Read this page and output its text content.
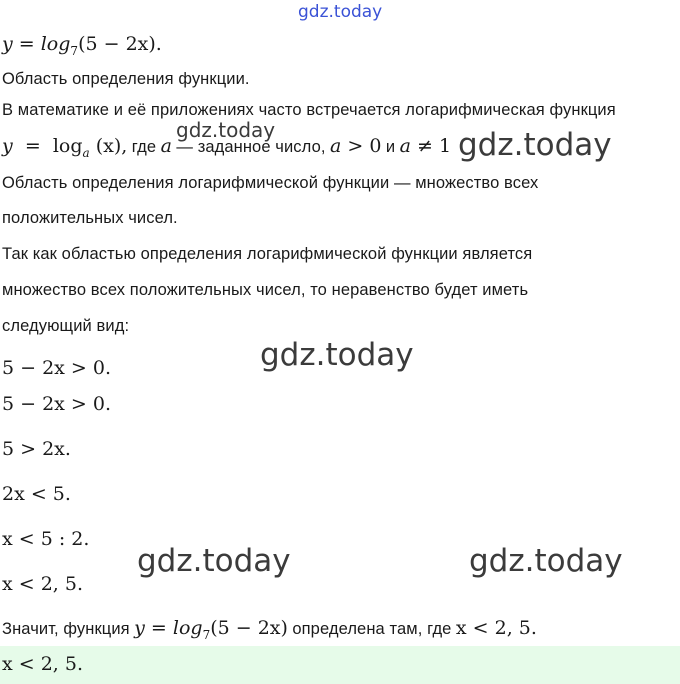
gdz.today
gdz.today	gdz.today
gdz.today
gdz.today	gdz.today
$y = \log_7(5 - 2x)$.
Область определения функции.
В математике и её приложениях часто встречается логарифмическая функция
$y = \log_a (x)$, где a — заданное число, a > 0 и a ≠ 1
Область определения логарифмической функции — множество всех
положительных чисел.
Так как областью определения логарифмической функции является
множество всех положительных чисел, то неравенство будет иметь
следующий вид:
5 − 2x > 0.
5 − 2x > 0.
5 > 2x.
2x < 5.
x < 5 : 2.
x < 2, 5.
Значит, функция $y = \log_7(5 - 2x)$ определена там, где x < 2, 5.
x < 2, 5.
